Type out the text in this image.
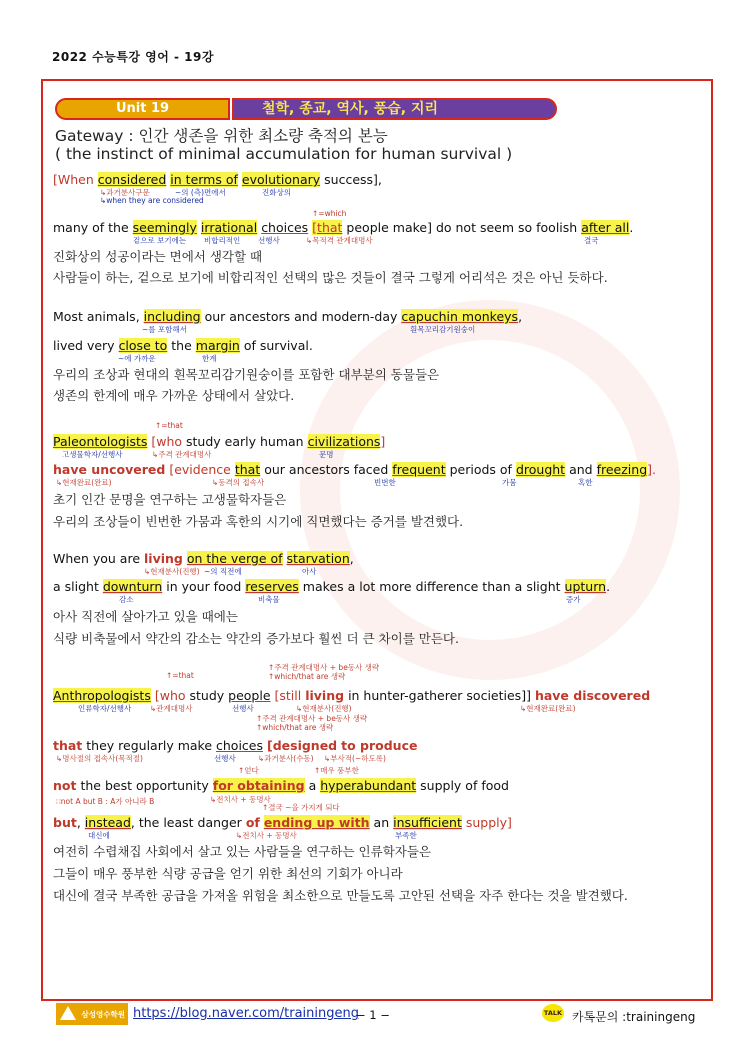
2022 수능특강 영어 - 19강
Unit 19	철학, 종교, 역사, 풍습, 지리
Gateway : 인간 생존을 위한 최소량 축적의 본능
( the instinct of minimal accumulation for human survival )
[When considered in terms of evolutionary success],
↳과거분사구문	~의 (측)면에서	진화상의
↳when they are considered
↑=which
many of the seemingly irrational choices [that people make] do not seem so foolish after all.
겉으로 보기에는 비합리적인 선행사	↳목적격 관계대명사	결국
진화상의 성공이라는 면에서 생각할 때
사람들이 하는, 겉으로 보기에 비합리적인 선택의 많은 것들이 결국 그렇게 어리석은 것은 아닌 듯하다.
Most animals, including our ancestors and modern-day capuchin monkeys,
~를 포함해서	흰목꼬리감기원숭이
lived very close to the margin of survival.
~에 가까운	한계
우리의 조상과 현대의 흰목꼬리감기원숭이를 포함한 대부분의 동물들은
생존의 한계에 매우 가까운 상태에서 살았다.
↑=that
Paleontologists [who study early human civilizations]
고생물학자/선행사	↳주격 관계대명사	문명
have uncovered [evidence that our ancestors faced frequent periods of drought and freezing].
↳현재완료(완료)	↳동격의 접속사	빈번한	가뭄	혹한
초기 인간 문명을 연구하는 고생물학자들은
우리의 조상들이 빈번한 가뭄과 혹한의 시기에 직면했다는 증거를 발견했다.
When you are living on the verge of starvation,
↳현재분사(진행) ~의 직전에	아사
a slight downturn in your food reserves makes a lot more difference than a slight upturn.
감소	비축물	증가
아사 직전에 살아가고 있을 때에는
식량 비축물에서 약간의 감소는 약간의 증가보다 훨씬 더 큰 차이를 만든다.
↑주격 관계대명사 + be동사 생략
↑=that	↑which/that are 생략
Anthropologists [who study people [still living in hunter-gatherer societies]] have discovered
인류학자/선행사	↳관계대명사	선행사	↳현재분사(진행)	↳현재완료(완료)
↑주격 관계대명사 + be동사 생략
↑which/that are 생략
that they regularly make choices [designed to produce
↳명사절의 접속사(목적절)	선행사	↳과거분사(수동) ↳부사적(~하도록)
↑얻다	↑매우 풍부한
not the best opportunity for obtaining a hyperabundant supply of food
∷not A but B : A가 아니라 B	↳전치사 + 동명사
↑결국 ~을 가지게 되다
but, instead, the least danger of ending up with an insufficient supply]
대신에	↳전치사 + 동명사	부족한
여전히 수렵채집 사회에서 살고 있는 사람들을 연구하는 인류학자들은
그들이 매우 풍부한 식량 공급을 얻기 위한 최선의 기회가 아니라
대신에 결국 부족한 공급을 가져올 위험을 최소한으로 만들도록 고안된 선택을 자주 한다는 것을 발견했다.
삼성영수학원 https://blog.naver.com/trainingeng
− 1 −	TALK 카톡문의 :trainingeng
